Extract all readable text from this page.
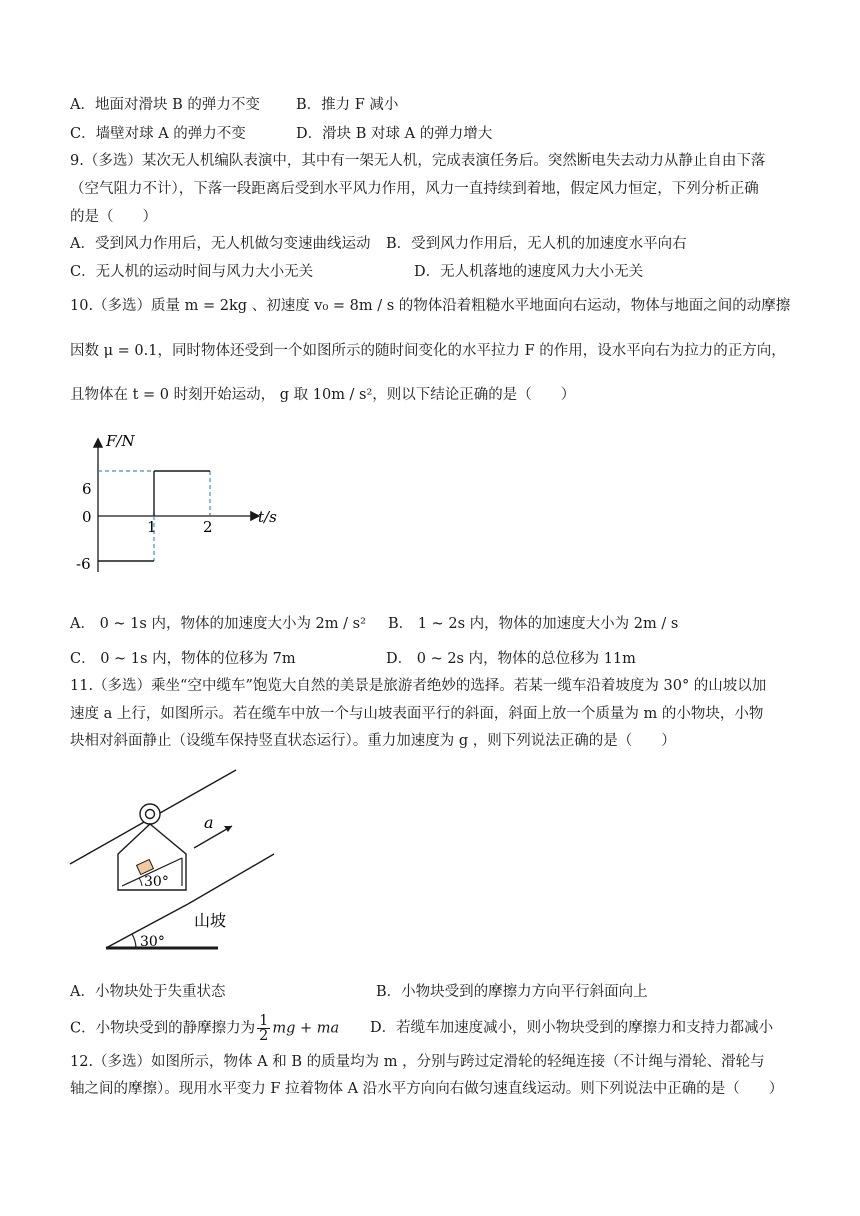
A．地面对滑块 B 的弹力不变 B．推力 F 减小
C．墙壁对球 A 的弹力不变	D．滑块 B 对球 A 的弹力增大
9.（多选）某次无人机编队表演中，其中有一架无人机，完成表演任务后。突然断电失去动力从静止自由下落
（空气阻力不计），下落一段距离后受到水平风力作用，风力一直持续到着地，假定风力恒定，下列分析正确
的是（　　）
A．受到风力作用后，无人机做匀变速曲线运动 B．受到风力作用后，无人机的加速度水平向右
C．无人机的运动时间与风力大小无关	D．无人机落地的速度风力大小无关
10.（多选）质量 m = 2kg 、初速度 v₀ = 8m / s 的物体沿着粗糙水平地面向右运动，物体与地面之间的动摩擦
因数 μ = 0.1，同时物体还受到一个如图所示的随时间变化的水平拉力 F 的作用，设水平向右为拉力的正方向，
且物体在 t = 0 时刻开始运动， g 取 10m / s²，则以下结论正确的是（　　）
F/N
t/s
6
0
-6
1	2
A． 0 ~ 1s 内，物体的加速度大小为 2m / s² B． 1 ~ 2s 内，物体的加速度大小为 2m / s
C． 0 ~ 1s 内，物体的位移为 7m	D． 0 ~ 2s 内，物体的总位移为 11m
11.（多选）乘坐“空中缆车”饱览大自然的美景是旅游者绝妙的选择。若某一缆车沿着坡度为 30° 的山坡以加
速度 a 上行，如图所示。若在缆车中放一个与山坡表面平行的斜面，斜面上放一个质量为 m 的小物块，小物
块相对斜面静止（设缆车保持竖直状态运行）。重力加速度为 g ，则下列说法正确的是（　　）
30°
山坡
30°
a
A．小物块处于失重状态	B．小物块受到的摩擦力方向平行斜面向上
C．小物块受到的静摩擦力为 $\frac{1}{2}$ mg + ma D．若缆车加速度减小，则小物块受到的摩擦力和支持力都减小
12.（多选）如图所示，物体 A 和 B 的质量均为 m ，分别与跨过定滑轮的轻绳连接（不计绳与滑轮、滑轮与
轴之间的摩擦）。现用水平变力 F 拉着物体 A 沿水平方向向右做匀速直线运动。则下列说法中正确的是（　　）
